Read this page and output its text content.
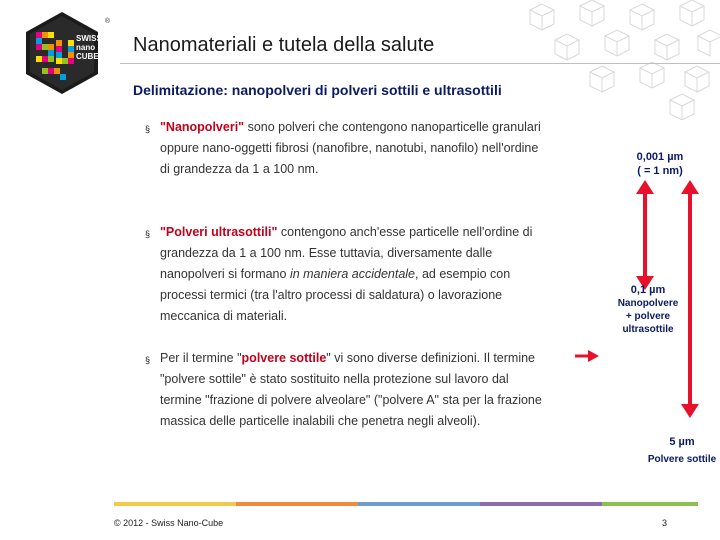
SWISS
nano
CUBE
®
Nanomateriali e tutela della salute
Delimitazione: nanopolveri di polveri sottili e ultrasottili
§ "Nanopolveri" sono polveri che contengono nanoparticelle granulari
oppure nano-oggetti fibrosi (nanofibre, nanotubi, nanofilo) nell'ordine
di grandezza da 1 a 100 nm.
§ "Polveri ultrasottili" contengono anch'esse particelle nell'ordine di
grandezza da 1 a 100 nm. Esse tuttavia, diversamente dalle
nanopolveri si formano in maniera accidentale, ad esempio con
processi termici (tra l'altro processi di saldatura) o lavorazione
meccanica di materiali.
§ Per il termine "polvere sottile" vi sono diverse definizioni. Il termine
"polvere sottile" è stato sostituito nella protezione sul lavoro dal
termine "frazione di polvere alveolare" ("polvere A" sta per la frazione
massica delle particelle inalabili che penetra negli alveoli).
0,001 µm
( = 1 nm)
0,1 µm
Nanopolvere
+ polvere
ultrasottile
5 µm
Polvere sottile
© 2012 - Swiss Nano-Cube	3
